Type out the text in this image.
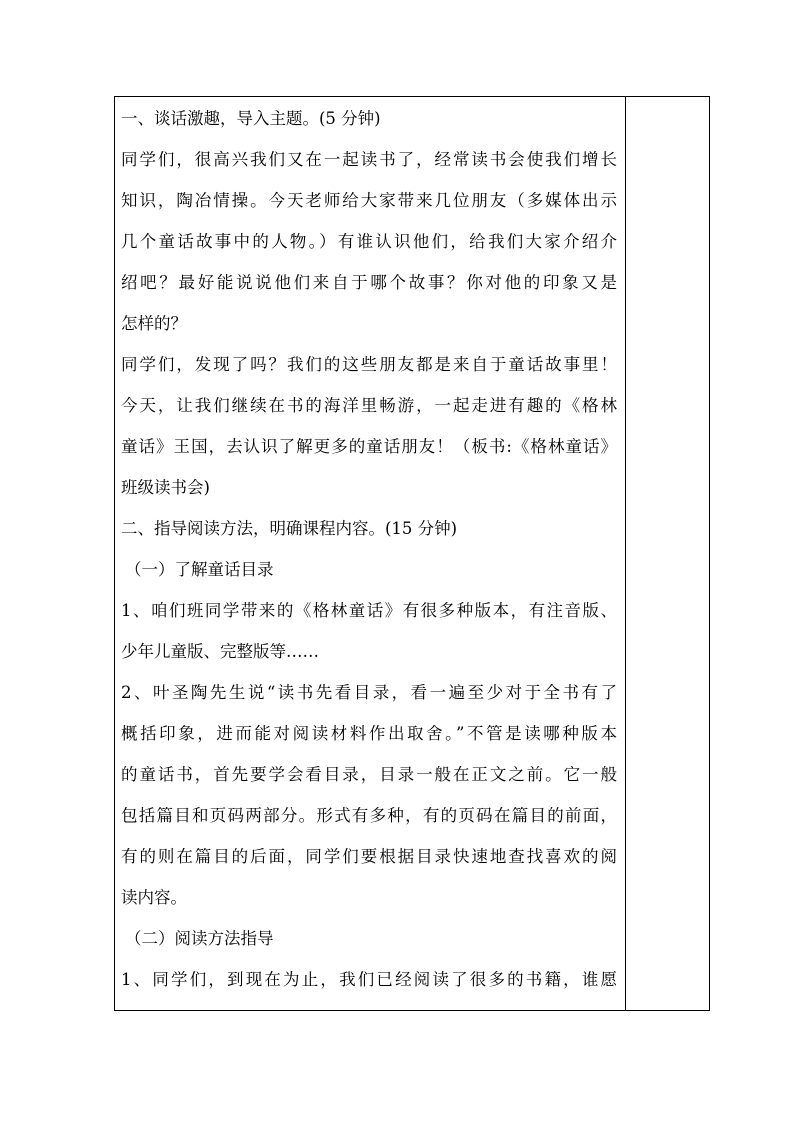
一、谈话激趣，导入主题。(5 分钟)
同学们，很高兴我们又在一起读书了，经常读书会使我们增长
知识，陶冶情操。今天老师给大家带来几位朋友（多媒体出示
几个童话故事中的人物。）有谁认识他们，给我们大家介绍介
绍吧？最好能说说他们来自于哪个故事？你对他的印象又是
怎样的？
同学们，发现了吗？我们的这些朋友都是来自于童话故事里！
今天，让我们继续在书的海洋里畅游，一起走进有趣的《格林
童话》王国，去认识了解更多的童话朋友！（板书:《格林童话》
班级读书会)
二、指导阅读方法，明确课程内容。(15 分钟)
（一）了解童话目录
1、咱们班同学带来的《格林童话》有很多种版本，有注音版、
少年儿童版、完整版等……
2、叶圣陶先生说“读书先看目录，看一遍至少对于全书有了
概括印象，进而能对阅读材料作出取舍。”不管是读哪种版本
的童话书，首先要学会看目录，目录一般在正文之前。它一般
包括篇目和页码两部分。形式有多种，有的页码在篇目的前面，
有的则在篇目的后面，同学们要根据目录快速地查找喜欢的阅
读内容。
（二）阅读方法指导
1、同学们，到现在为止，我们已经阅读了很多的书籍，谁愿
